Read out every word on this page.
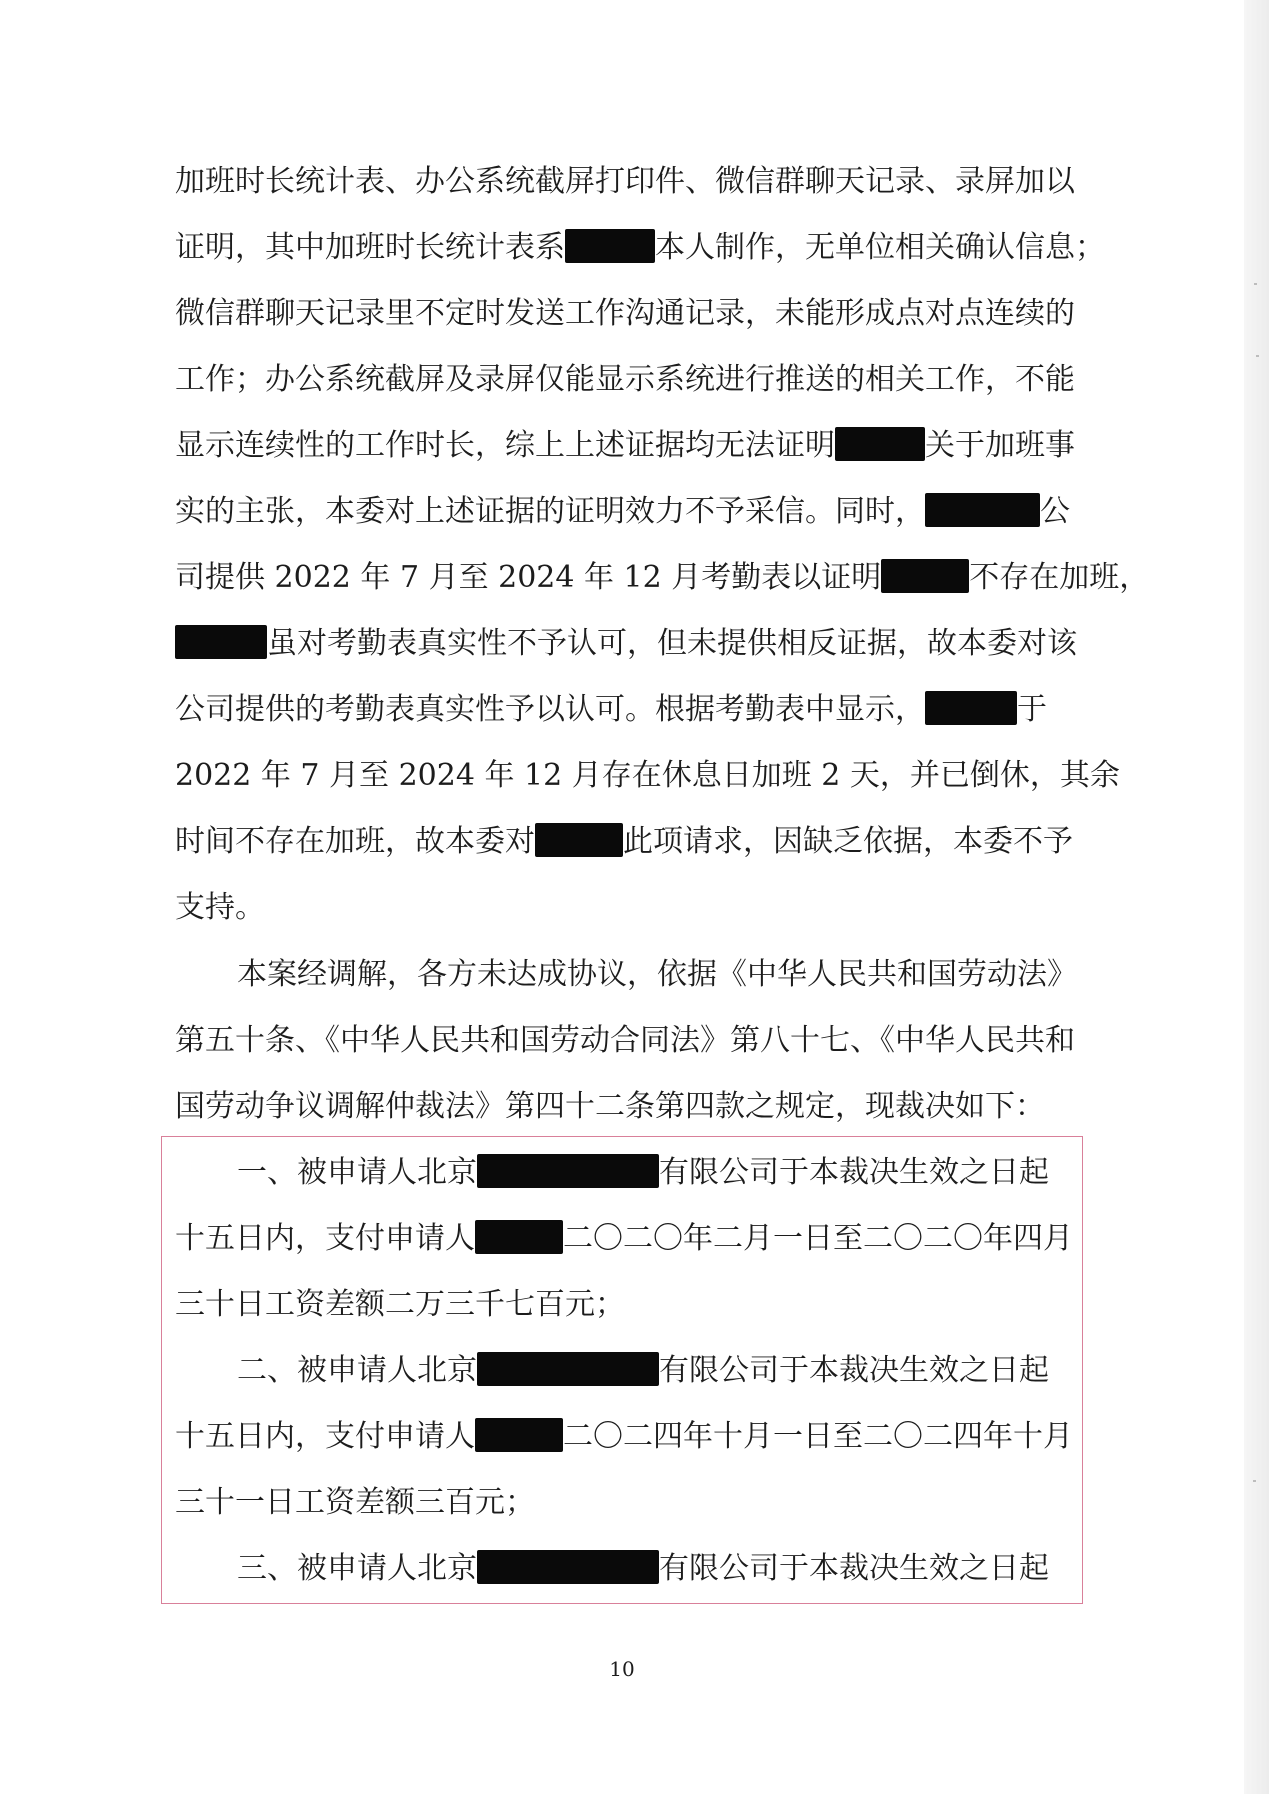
加班时长统计表、办公系统截屏打印件、微信群聊天记录、录屏加以
证明，其中加班时长统计表系	本人制作，无单位相关确认信息；
微信群聊天记录里不定时发送工作沟通记录，未能形成点对点连续的
工作；办公系统截屏及录屏仅能显示系统进行推送的相关工作，不能
显示连续性的工作时长，综上上述证据均无法证明	关于加班事
实的主张，本委对上述证据的证明效力不予采信。同时，	公
司提供 2022 年 7 月至 2024 年 12 月考勤表以证明	不存在加班，
虽对考勤表真实性不予认可，但未提供相反证据，故本委对该
公司提供的考勤表真实性予以认可。根据考勤表中显示，	于
2022 年 7 月至 2024 年 12 月存在休息日加班 2 天，并已倒休，其余
时间不存在加班，故本委对	此项请求，因缺乏依据，本委不予
支持。
本案经调解，各方未达成协议，依据《中华人民共和国劳动法》
第五十条、《中华人民共和国劳动合同法》第八十七、《中华人民共和
国劳动争议调解仲裁法》第四十二条第四款之规定，现裁决如下：
一、被申请人北京	有限公司于本裁决生效之日起
十五日内，支付申请人	二〇二〇年二月一日至二〇二〇年四月
三十日工资差额二万三千七百元；
二、被申请人北京	有限公司于本裁决生效之日起
十五日内，支付申请人	二〇二四年十月一日至二〇二四年十月
三十一日工资差额三百元；
三、被申请人北京	有限公司于本裁决生效之日起
10
